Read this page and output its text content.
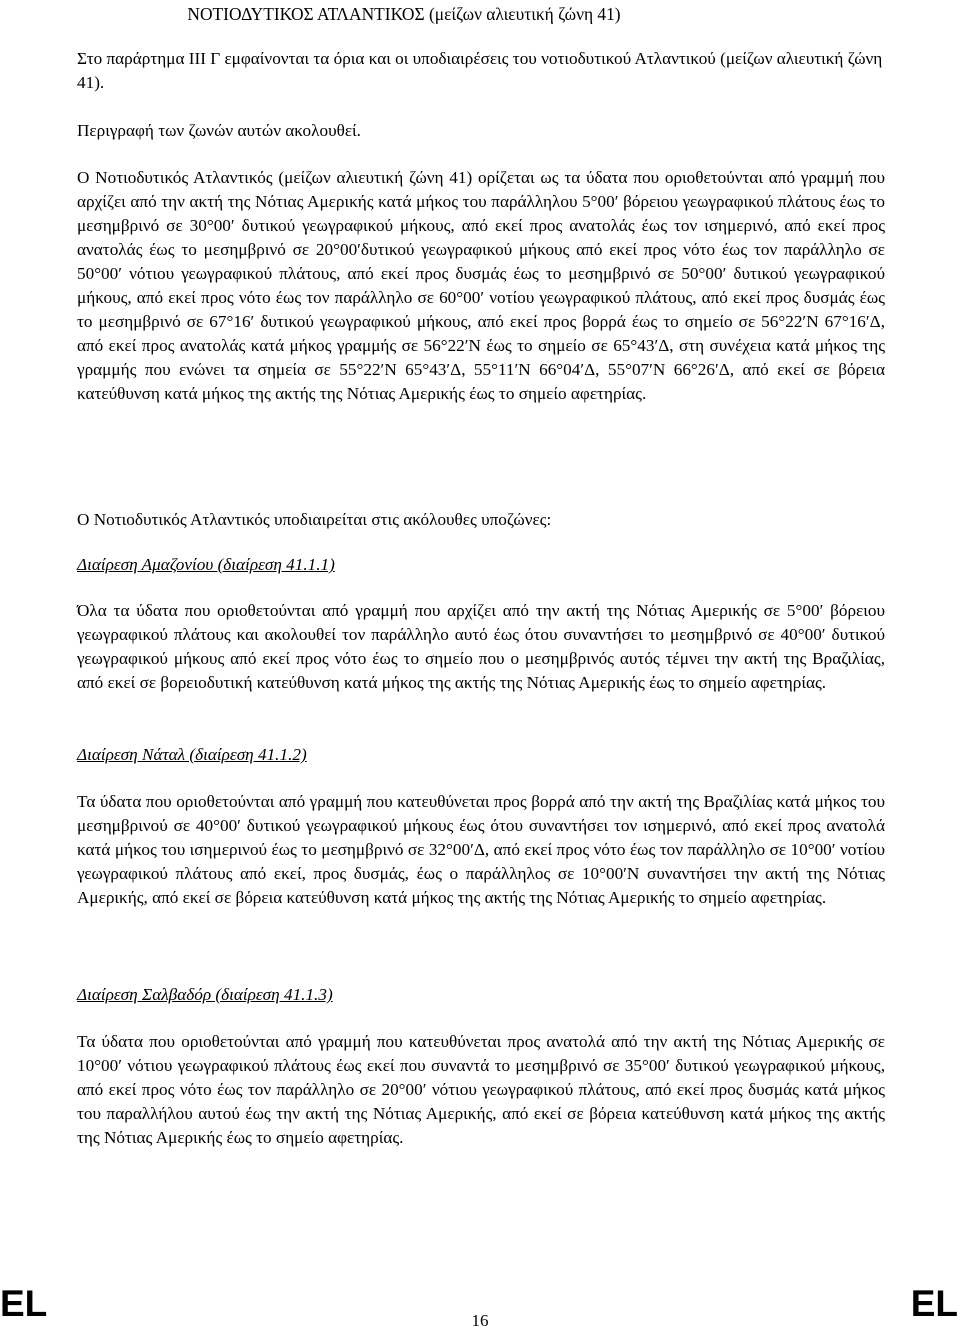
ΝΟΤΙΟΔΥΤΙΚΟΣ ΑΤΛΑΝΤΙΚΟΣ (μείζων αλιευτική ζώνη 41)

Στο παράρτημα ΙΙΙ Γ εμφαίνονται τα όρια και οι υποδιαιρέσεις του νοτιοδυτικού Ατλαντικού (μείζων αλιευτική ζώνη 41).

Περιγραφή των ζωνών αυτών ακολουθεί.

Ο Νοτιοδυτικός Ατλαντικός (μείζων αλιευτική ζώνη 41) ορίζεται ως τα ύδατα που οριοθετούνται από γραμμή που αρχίζει από την ακτή της Νότιας Αμερικής κατά μήκος του παράλληλου 5°00′ βόρειου γεωγραφικού πλάτους έως το μεσημβρινό σε 30°00′ δυτικού γεωγραφικού μήκους, από εκεί προς ανατολάς έως τον ισημερινό, από εκεί προς ανατολάς έως το μεσημβρινό σε 20°00′δυτικού γεωγραφικού μήκους από εκεί προς νότο έως τον παράλληλο σε 50°00′ νότιου γεωγραφικού πλάτους, από εκεί προς δυσμάς έως το μεσημβρινό σε 50°00′ δυτικού γεωγραφικού μήκους, από εκεί προς νότο έως τον παράλληλο σε 60°00′ νοτίου γεωγραφικού πλάτους, από εκεί προς δυσμάς έως το μεσημβρινό σε 67°16′ δυτικού γεωγραφικού μήκους, από εκεί προς βορρά έως το σημείο σε 56°22′Ν 67°16′Δ, από εκεί προς ανατολάς κατά μήκος γραμμής σε 56°22′Ν έως το σημείο σε 65°43′Δ, στη συνέχεια κατά μήκος της γραμμής που ενώνει τα σημεία σε 55°22′Ν 65°43′Δ, 55°11′Ν 66°04′Δ, 55°07′Ν 66°26′Δ, από εκεί σε βόρεια κατεύθυνση κατά μήκος της ακτής της Νότιας Αμερικής έως το σημείο αφετηρίας.

Ο Νοτιοδυτικός Ατλαντικός υποδιαιρείται στις ακόλουθες υποζώνες:

Διαίρεση Αμαζονίου (διαίρεση 41.1.1)

Όλα τα ύδατα που οριοθετούνται από γραμμή που αρχίζει από την ακτή της Νότιας Αμερικής σε 5°00′ βόρειου γεωγραφικού πλάτους και ακολουθεί τον παράλληλο αυτό έως ότου συναντήσει το μεσημβρινό σε 40°00′ δυτικού γεωγραφικού μήκους από εκεί προς νότο έως το σημείο που ο μεσημβρινός αυτός τέμνει την ακτή της Βραζιλίας, από εκεί σε βορειοδυτική κατεύθυνση κατά μήκος της ακτής της Νότιας Αμερικής έως το σημείο αφετηρίας.

Διαίρεση Νάταλ (διαίρεση 41.1.2)

Τα ύδατα που οριοθετούνται από γραμμή που κατευθύνεται προς βορρά από την ακτή της Βραζιλίας κατά μήκος του μεσημβρινού σε 40°00′ δυτικού γεωγραφικού μήκους έως ότου συναντήσει τον ισημερινό, από εκεί προς ανατολά κατά μήκος του ισημερινού έως το μεσημβρινό σε 32°00′Δ, από εκεί προς νότο έως τον παράλληλο σε 10°00′ νοτίου γεωγραφικού πλάτους από εκεί, προς δυσμάς, έως ο παράλληλος σε 10°00′Ν συναντήσει την ακτή της Νότιας Αμερικής, από εκεί σε βόρεια κατεύθυνση κατά μήκος της ακτής της Νότιας Αμερικής το σημείο αφετηρίας.

Διαίρεση Σαλβαδόρ (διαίρεση 41.1.3)

Τα ύδατα που οριοθετούνται από γραμμή που κατευθύνεται προς ανατολά από την ακτή της Νότιας Αμερικής σε 10°00′ νότιου γεωγραφικού πλάτους έως εκεί που συναντά το μεσημβρινό σε 35°00′ δυτικού γεωγραφικού μήκους, από εκεί προς νότο έως τον παράλληλο σε 20°00′ νότιου γεωγραφικού πλάτους, από εκεί προς δυσμάς κατά μήκος του παραλλήλου αυτού έως την ακτή της Νότιας Αμερικής, από εκεί σε βόρεια κατεύθυνση κατά μήκος της ακτής της Νότιας Αμερικής έως το σημείο αφετηρίας.

EL	EL
16
